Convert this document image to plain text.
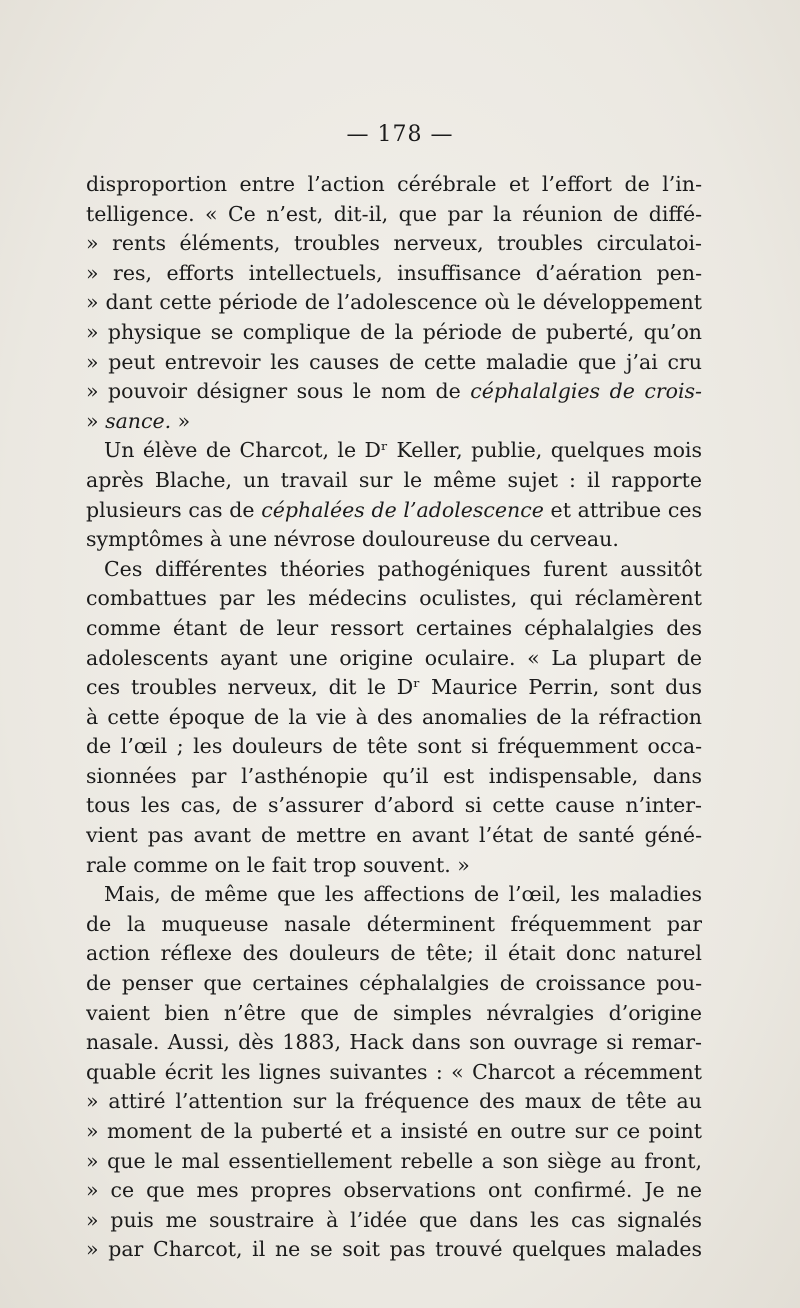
— 178 —
disproportion entre l’action cérébrale et l’effort de l’in-
telligence. « Ce n’est, dit-il, que par la réunion de diffé-
» rents éléments, troubles nerveux, troubles circulatoi-
» res, efforts intellectuels, insuffisance d’aération pen-
» dant cette période de l’adolescence où le développement
» physique se complique de la période de puberté, qu’on
» peut entrevoir les causes de cette maladie que j’ai cru
» pouvoir désigner sous le nom de céphalalgies de crois-
» sance. »
Un élève de Charcot, le Dʳ Keller, publie, quelques mois
après Blache, un travail sur le même sujet : il rapporte
plusieurs cas de céphalées de l’adolescence et attribue ces
symptômes à une névrose douloureuse du cerveau.
Ces différentes théories pathogéniques furent aussitôt
combattues par les médecins oculistes, qui réclamèrent
comme étant de leur ressort certaines céphalalgies des
adolescents ayant une origine oculaire. « La plupart de
ces troubles nerveux, dit le Dʳ Maurice Perrin, sont dus
à cette époque de la vie à des anomalies de la réfraction
de l’œil ; les douleurs de tête sont si fréquemment occa-
sionnées par l’asthénopie qu’il est indispensable, dans
tous les cas, de s’assurer d’abord si cette cause n’inter-
vient pas avant de mettre en avant l’état de santé géné-
rale comme on le fait trop souvent. »
Mais, de même que les affections de l’œil, les maladies
de la muqueuse nasale déterminent fréquemment par
action réflexe des douleurs de tête; il était donc naturel
de penser que certaines céphalalgies de croissance pou-
vaient bien n’être que de simples névralgies d’origine
nasale. Aussi, dès 1883, Hack dans son ouvrage si remar-
quable écrit les lignes suivantes : « Charcot a récemment
» attiré l’attention sur la fréquence des maux de tête au
» moment de la puberté et a insisté en outre sur ce point
» que le mal essentiellement rebelle a son siège au front,
» ce que mes propres observations ont confirmé. Je ne
» puis me soustraire à l’idée que dans les cas signalés
» par Charcot, il ne se soit pas trouvé quelques malades
